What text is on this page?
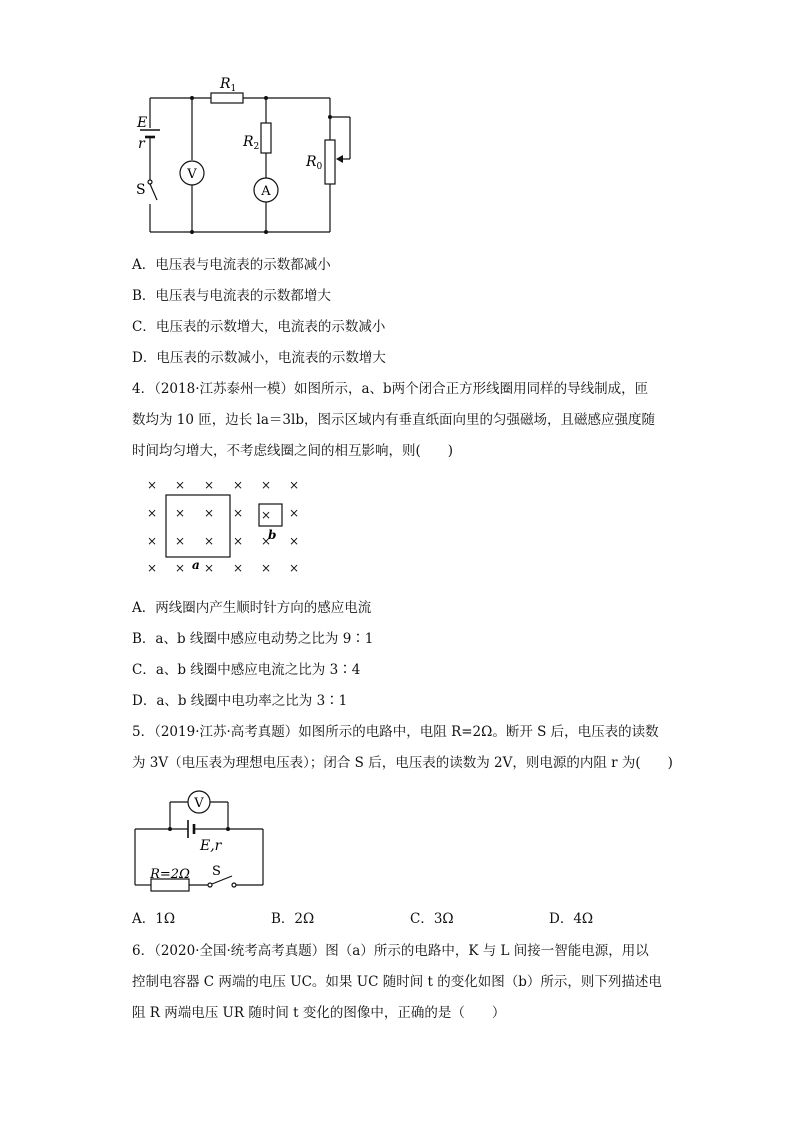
$R_1$
$R_2$
$R_0$
E
r
S
V
A
A．电压表与电流表的示数都减小
B．电压表与电流表的示数都增大
C．电压表的示数增大，电流表的示数减小
D．电压表的示数减小，电流表的示数增大
4．（2018·江苏泰州一模）如图所示，a、b两个闭合正方形线圈用同样的导线制成，匝
数均为 10 匝，边长 la＝3lb，图示区域内有垂直纸面向里的匀强磁场，且磁感应强度随
时间均匀增大，不考虑线圈之间的相互影响，则(　　)
× × × × × ×
× × × ×	×
× × × × × ×
× × × × × ×
×
a
b
A．两线圈内产生顺时针方向的感应电流
B．a、b 线圈中感应电动势之比为 9∶1
C．a、b 线圈中感应电流之比为 3∶4
D．a、b 线圈中电功率之比为 3∶1
5．（2019·江苏·高考真题）如图所示的电路中，电阻 R=2Ω。断开 S 后，电压表的读数
为 3V（电压表为理想电压表）；闭合 S 后，电压表的读数为 2V，则电源的内阻 r 为(　　)
V
E,r
R=2Ω S
A．1Ω	B．2Ω	C．3Ω	D．4Ω
6．（2020·全国·统考高考真题）图（a）所示的电路中，K 与 L 间接一智能电源，用以
控制电容器 C 两端的电压 UC。如果 UC 随时间 t 的变化如图（b）所示，则下列描述电
阻 R 两端电压 UR 随时间 t 变化的图像中，正确的是（　　）
